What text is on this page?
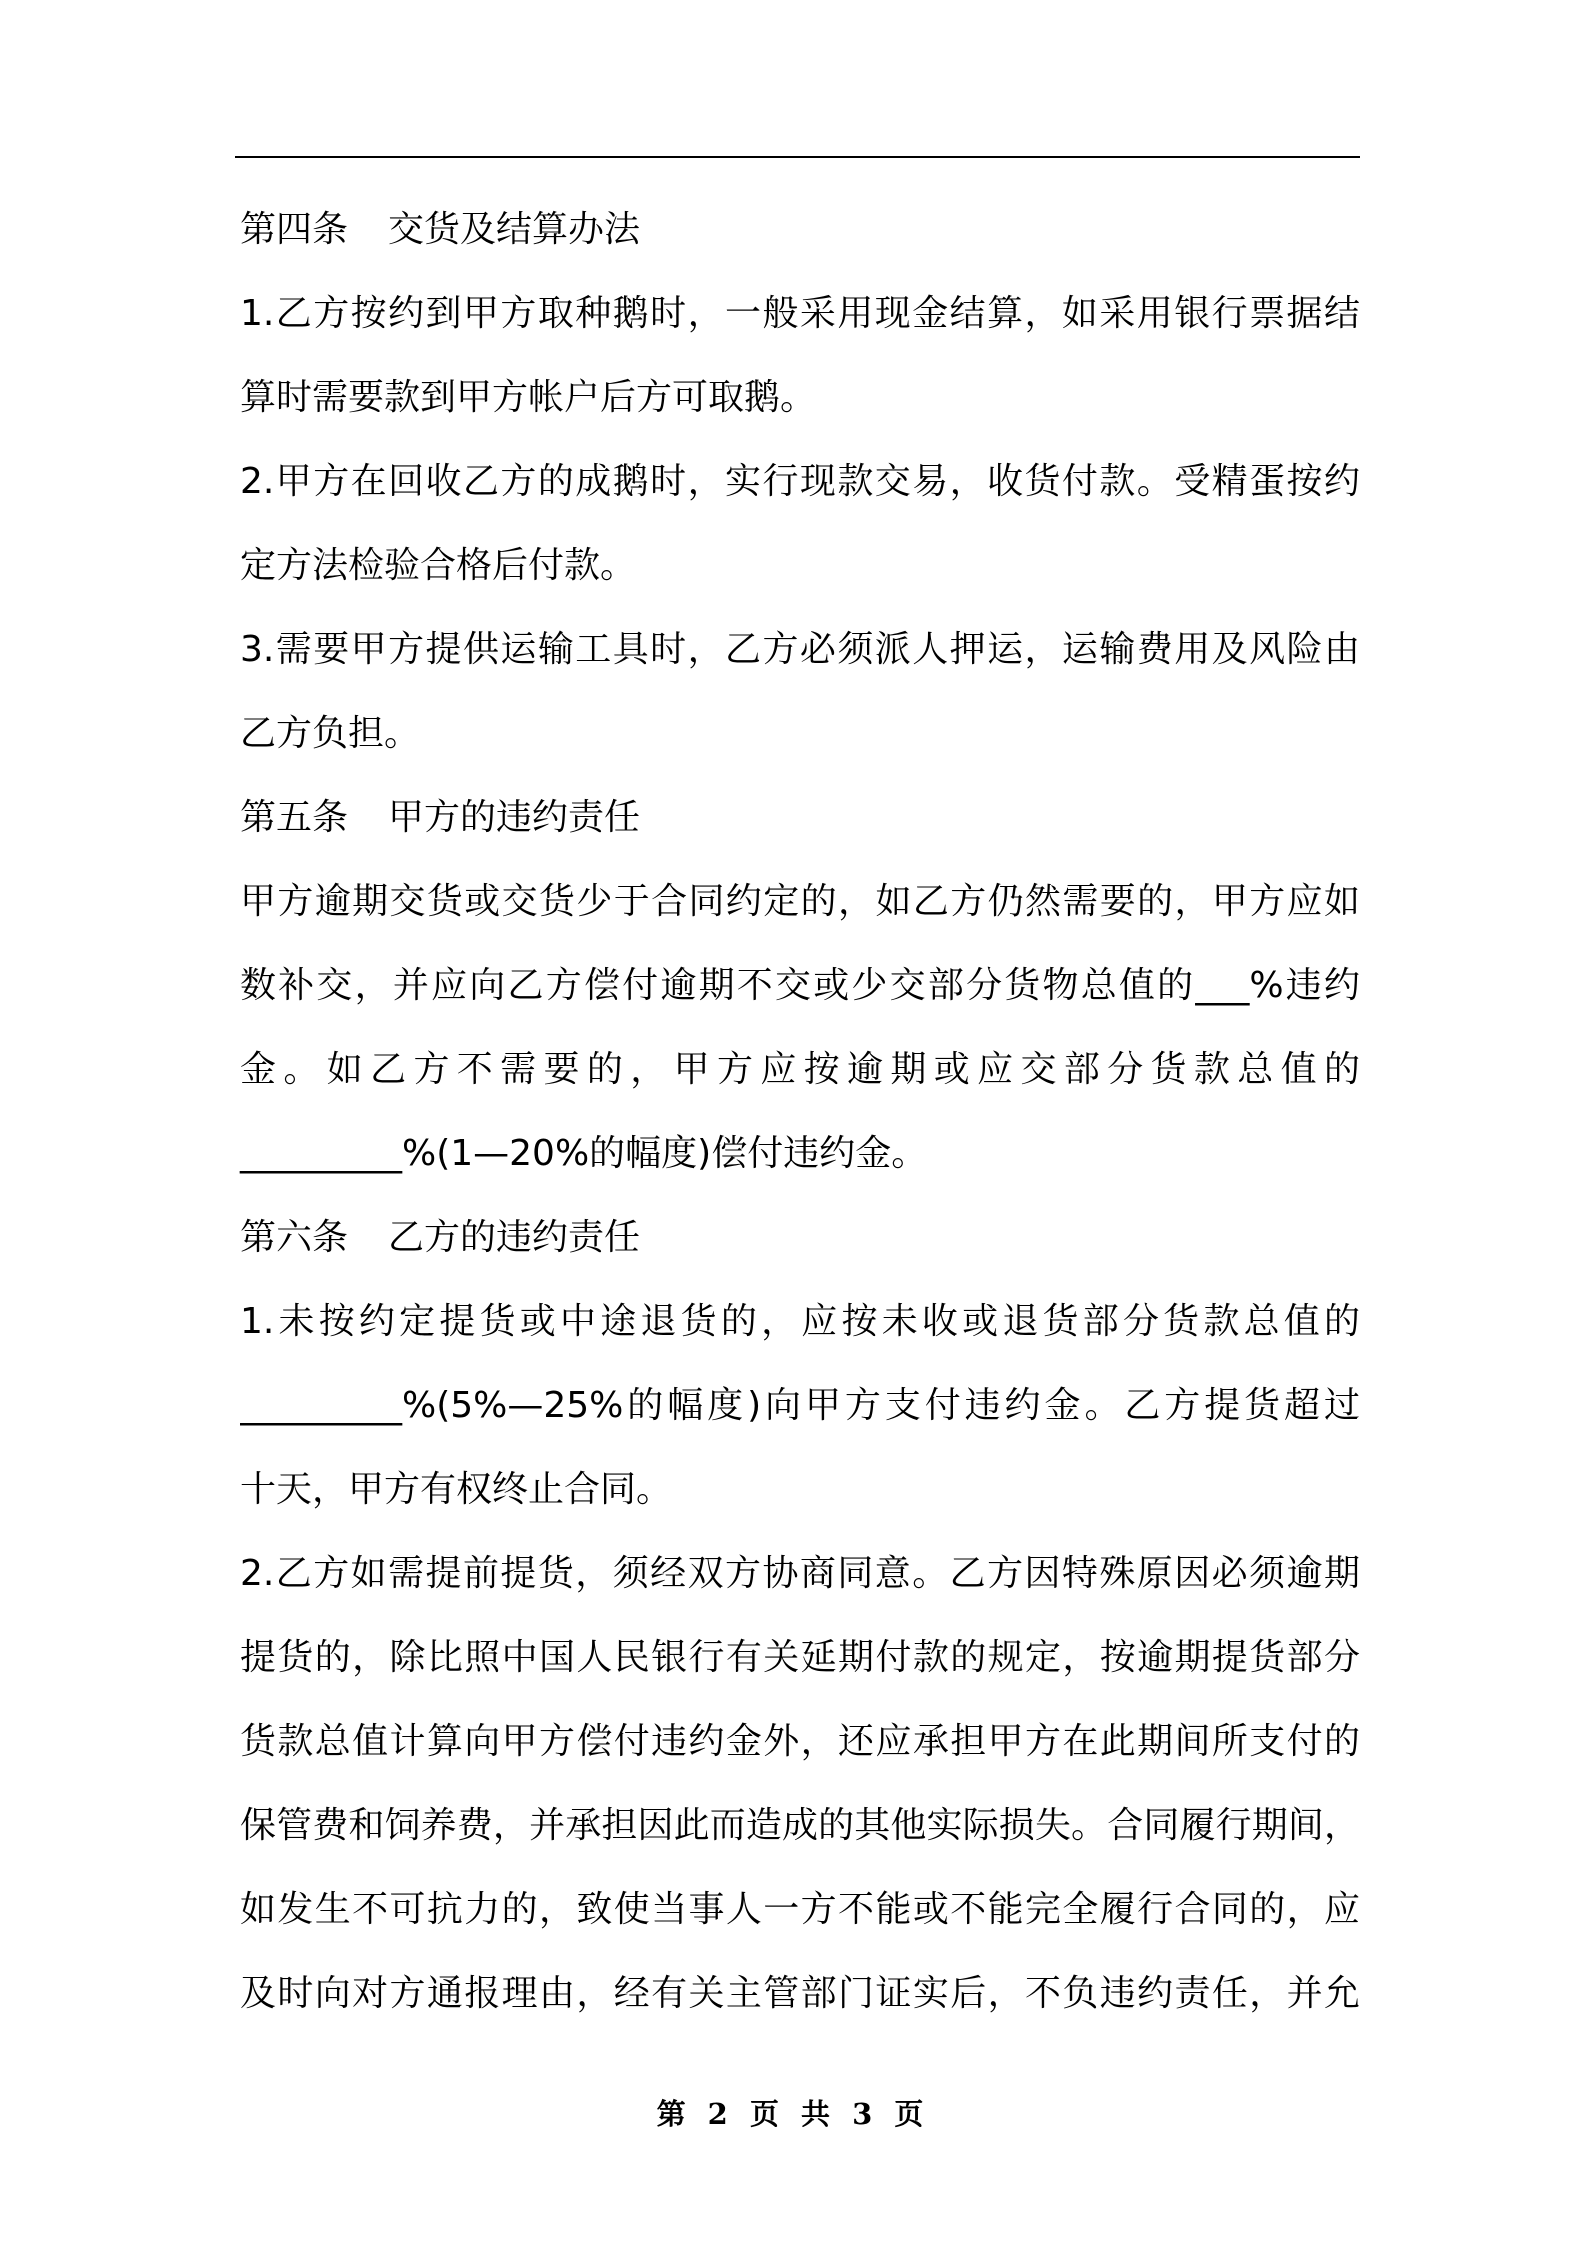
第四条 交货及结算办法
1.乙方按约到甲方取种鹅时，一般采用现金结算，如采用银行票据结
算时需要款到甲方帐户后方可取鹅。
2.甲方在回收乙方的成鹅时，实行现款交易，收货付款。受精蛋按约
定方法检验合格后付款。
3.需要甲方提供运输工具时，乙方必须派人押运，运输费用及风险由
乙方负担。
第五条 甲方的违约责任
甲方逾期交货或交货少于合同约定的，如乙方仍然需要的，甲方应如
数补交，并应向乙方偿付逾期不交或少交部分货物总值的___%违约
金。如乙方不需要的，甲方应按逾期或应交部分货款总值的
_________%(1—20%的幅度)偿付违约金。
第六条 乙方的违约责任
1.未按约定提货或中途退货的，应按未收或退货部分货款总值的
_________%(5%—25%的幅度)向甲方支付违约金。乙方提货超过
十天，甲方有权终止合同。
2.乙方如需提前提货，须经双方协商同意。乙方因特殊原因必须逾期
提货的，除比照中国人民银行有关延期付款的规定，按逾期提货部分
货款总值计算向甲方偿付违约金外，还应承担甲方在此期间所支付的
保管费和饲养费，并承担因此而造成的其他实际损失。合同履行期间，
如发生不可抗力的，致使当事人一方不能或不能完全履行合同的，应
及时向对方通报理由，经有关主管部门证实后，不负违约责任，并允
第 2 页 共 3 页
